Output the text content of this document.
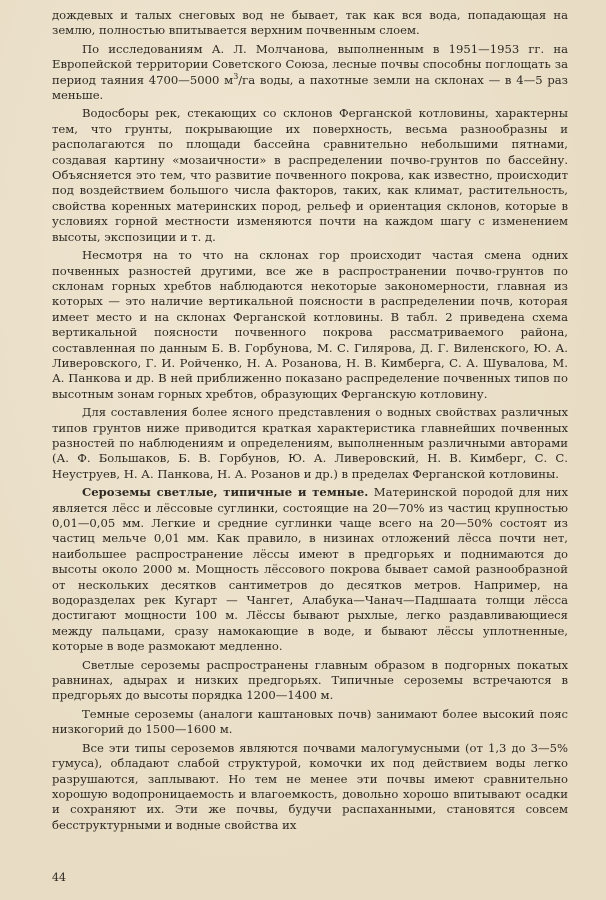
дождевых и талых снеговых вод не бывает, так как вся вода, попадающая на землю, полностью впитывается верхним почвенным слоем.

По исследованиям А. Л. Молчанова, выполненным в 1951—1953 гг. на Европейской территории Советского Союза, лесные почвы способны поглощать за период таяния 4700—5000 $м^3/га$ воды, а пахотные земли на склонах — в 4—5 раз меньше.

Водосборы рек, стекающих со склонов Ферганской котловины, характерны тем, что грунты, покрывающие их поверхность, весьма разнообразны и располагаются по площади бассейна сравнительно небольшими пятнами, создавая картину «мозаичности» в распределении почво-грунтов по бассейну. Объясняется это тем, что развитие почвенного покрова, как известно, происходит под воздействием большого числа факторов, таких, как климат, растительность, свойства коренных материнских пород, рельеф и ориентация склонов, которые в условиях горной местности изменяются почти на каждом шагу с изменением высоты, экспозиции и т. д.

Несмотря на то что на склонах гор происходит частая смена одних почвенных разностей другими, все же в распространении почво-грунтов по склонам горных хребтов наблюдаются некоторые закономерности, главная из которых — это наличие вертикальной поясности в распределении почв, которая имеет место и на склонах Ферганской котловины. В табл. 2 приведена схема вертикальной поясности почвенного покрова рассматриваемого района, составленная по данным Б. В. Горбунова, М. С. Гилярова, Д. Г. Виленского, Ю. А. Ливеровского, Г. И. Ройченко, Н. А. Розанова, Н. В. Кимберга, С. А. Шувалова, М. А. Панкова и др. В ней приближенно показано распределение почвенных типов по высотным зонам горных хребтов, образующих Ферганскую котловину.

Для составления более ясного представления о водных свойствах различных типов грунтов ниже приводится краткая характеристика главнейших почвенных разностей по наблюдениям и определениям, выполненным различными авторами (А. Ф. Большаков, Б. В. Горбунов, Ю. А. Ливеровский, Н. В. Кимберг, С. С. Неуструев, Н. А. Панкова, Н. А. Розанов и др.) в пределах Ферганской котловины.

Сероземы светлые, типичные и темные. Материнской породой для них является лёсс и лёссовые суглинки, состоящие на 20—70% из частиц крупностью 0,01—0,05 мм. Легкие и средние суглинки чаще всего на 20—50% состоят из частиц мельче 0,01 мм. Как правило, в низинах отложений лёсса почти нет, наибольшее распространение лёссы имеют в предгорьях и поднимаются до высоты около 2000 м. Мощность лёссового покрова бывает самой разнообразной от нескольких десятков сантиметров до десятков метров. Например, на водоразделах рек Кугарт — Чангет, Алабука—Чанач—Падшаата толщи лёсса достигают мощности 100 м. Лёссы бывают рыхлые, легко раздавливающиеся между пальцами, сразу намокающие в воде, и бывают лёссы уплотненные, которые в воде размокают медленно.

Светлые сероземы распространены главным образом в подгорных покатых равнинах, адырах и низких предгорьях. Типичные сероземы встречаются в предгорьях до высоты порядка 1200—1400 м.

Темные сероземы (аналоги каштановых почв) занимают более высокий пояс низкогорий до 1500—1600 м.

Все эти типы сероземов являются почвами малогумусными (от 1,3 до 3—5% гумуса), обладают слабой структурой, комочки их под действием воды легко разрушаются, заплывают. Но тем не менее эти почвы имеют сравнительно хорошую водопроницаемость и влагоемкость, довольно хорошо впитывают осадки и сохраняют их. Эти же почвы, будучи распаханными, становятся совсем бесструктурными и водные свойства их

44
